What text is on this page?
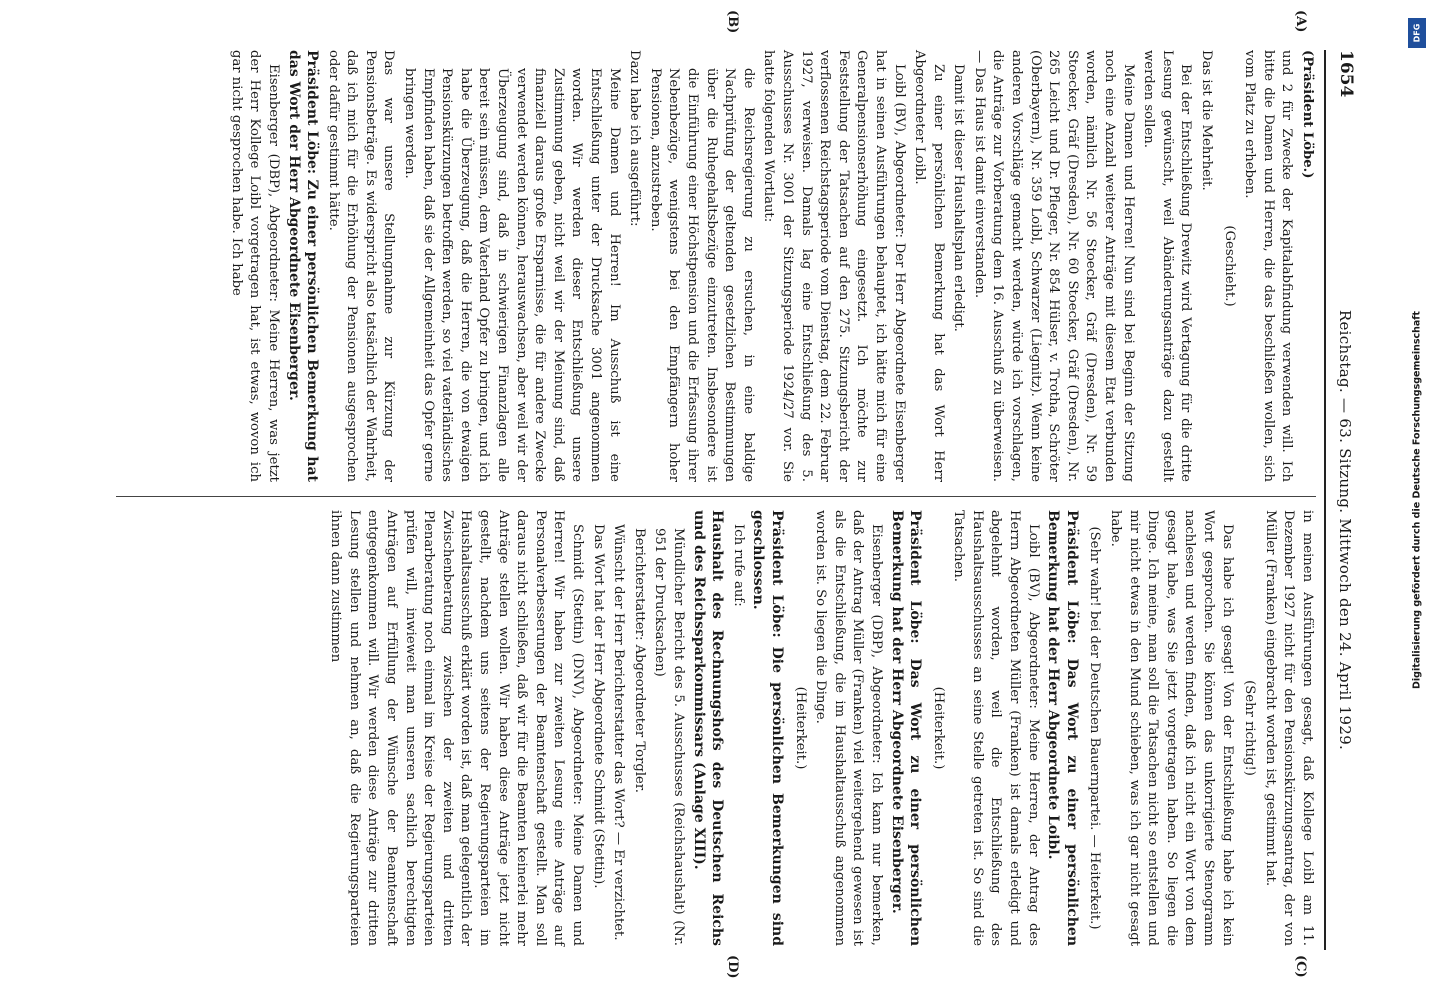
1654
Reichstag. — 63. Sitzung. Mittwoch den 24. April 1929.
(A)
(B)
(C)
(D)

(Präsident Löbe.)

und 2 für Zwecke der Kapitalabfindung verwenden will. Ich bitte die Damen und Herren, die das beschließen wollen, sich vom Platz zu erheben.

(Geschieht.)

Das ist die Mehrheit.

Bei der Entschließung Drewitz wird Vertagung für die dritte Lesung gewünscht, weil Abänderungsanträge dazu gestellt werden sollen.

Meine Damen und Herren! Nun sind bei Beginn der Sitzung noch eine Anzahl weiterer Anträge mit diesem Etat verbunden worden, nämlich Nr. 56 Stoecker, Gräf (Dresden), Nr. 59 Stoecker, Gräf (Dresden), Nr. 60 Stoecker, Gräf (Dresden), Nr. 265 Leicht und Dr. Pfleger, Nr. 854 Hülser, v. Trotha, Schröter (Oberbayern), Nr. 359 Loibl, Schwarzer (Liegnitz). Wenn keine anderen Vorschläge gemacht werden, würde ich vorschlagen, die Anträge zur Vorberatung dem 16. Ausschuß zu überweisen. — Das Haus ist damit einverstanden.

Damit ist dieser Haushaltsplan erledigt.

Zu einer persönlichen Bemerkung hat das Wort Herr Abgeordneter Loibl.

Loibl (BV), Abgeordneter: Der Herr Abgeordnete Eisenberger hat in seinen Ausführungen behauptet, ich hätte mich für eine Generalpensionserhöhung eingesetzt. Ich möchte zur Feststellung der Tatsachen auf den 275. Sitzungsbericht der verflossenen Reichstagsperiode vom Dienstag, dem 22. Februar 1927, verweisen. Damals lag eine Entschließung des 5. Ausschusses Nr. 3001 der Sitzungsperiode 1924/27 vor. Sie hatte folgenden Wortlaut:

die Reichsregierung zu ersuchen, in eine baldige Nachprüfung der geltenden gesetzlichen Bestimmungen über die Ruhegehaltsbezüge einzutreten. Insbesondere ist die Einführung einer Höchstpension und die Erfassung ihrer Nebenbezüge, wenigstens bei den Empfängern hoher Pensionen, anzustreben.

Dazu habe ich ausgeführt:

Meine Damen und Herren! Im Ausschuß ist eine Entschließung unter der Drucksache 3001 angenommen worden. Wir werden dieser Entschließung unsere Zustimmung geben, nicht weil wir der Meinung sind, daß finanziell daraus große Ersparnisse, die für andere Zwecke verwendet werden können, herauswachsen, aber weil wir der Überzeugung sind, daß in schwierigen Finanzlagen alle bereit sein müssen, dem Vaterland Opfer zu bringen, und ich habe die Überzeugung, daß die Herren, die von etwaigen Pensionskürzungen betroffen werden, so viel vaterländisches Empfinden haben, daß sie der Allgemeinheit das Opfer gerne bringen werden.

Das war unsere Stellungnahme zur Kürzung der Pensionsbeträge. Es widerspricht also tatsächlich der Wahrheit, daß ich mich für die Erhöhung der Pensionen ausgesprochen oder dafür gestimmt hätte.

Präsident Löbe: Zu einer persönlichen Bemerkung hat das Wort der Herr Abgeordnete Eisenberger.

Eisenberger (DBP), Abgeordneter: Meine Herren, was jetzt der Herr Kollege Loibl vorgetragen hat, ist etwas, wovon ich gar nicht gesprochen habe. Ich habe

in meinen Ausführungen gesagt, daß Kollege Loibl am 11. Dezember 1927 nicht für den Pensionskürzungsantrag, der von Müller (Franken) eingebracht worden ist, gestimmt hat.

(Sehr richtig!)

Das habe ich gesagt! Von der Entschließung habe ich kein Wort gesprochen. Sie können das unkorrigierte Stenogramm nachlesen und werden finden, daß ich nicht ein Wort von dem gesagt habe, was Sie jetzt vorgetragen haben. So liegen die Dinge. Ich meine, man soll die Tatsachen nicht so entstellen und mir nicht etwas in den Mund schieben, was ich gar nicht gesagt habe.

(Sehr wahr! bei der Deutschen Bauernpartei. — Heiterkeit.)

Präsident Löbe: Das Wort zu einer persönlichen Bemerkung hat der Herr Abgeordnete Loibl.

Loibl (BV), Abgeordneter: Meine Herren, der Antrag des Herrn Abgeordneten Müller (Franken) ist damals erledigt und abgelehnt worden, weil die Entschließung des Haushaltsausschusses an seine Stelle getreten ist. So sind die Tatsachen.

(Heiterkeit.)

Präsident Löbe: Das Wort zu einer persönlichen Bemerkung hat der Herr Abgeordnete Eisenberger.

Eisenberger (DBP), Abgeordneter: Ich kann nur bemerken, daß der Antrag Müller (Franken) viel weitergehend gewesen ist als die Entschließung, die im Haushaltausschuß angenommen worden ist. So liegen die Dinge.

(Heiterkeit.)

Präsident Löbe: Die persönlichen Bemerkungen sind geschlossen.

Ich rufe auf:

Haushalt des Rechnungshofs des Deutschen Reichs und des Reichssparkommissars (Anlage XIII).

Mündlicher Bericht des 5. Ausschusses (Reichshaushalt) (Nr. 951 der Drucksachen)

Berichterstatter: Abgeordneter Torgler.

Wünscht der Herr Berichterstatter das Wort? — Er verzichtet.

Das Wort hat der Herr Abgeordnete Schmidt (Stettin).

Schmidt (Stettin) (DNV), Abgeordneter: Meine Damen und Herren! Wir haben zur zweiten Lesung eine Anträge auf Personalverbesserungen der Beamtenschaft gestellt. Man soll daraus nicht schließen, daß wir für die Beamten keinerlei mehr Anträge stellen wollen. Wir haben diese Anträge jetzt nicht gestellt, nachdem uns seitens der Regierungsparteien im Haushaltsausschuß erklärt worden ist, daß man gelegentlich der Zwischenberatung zwischen der zweiten und dritten Plenarberatung noch einmal im Kreise der Regierungsparteien prüfen will, inwieweit man unseren sachlich berechtigten Anträgen auf Erfüllung der Wünsche der Beamtenschaft entgegenkommen will. Wir werden diese Anträge zur dritten Lesung stellen und nehmen an, daß die Regierungsparteien ihnen dann zustimmen

DFG
Digitalisierung gefördert durch die Deutsche Forschungsgemeinschaft
